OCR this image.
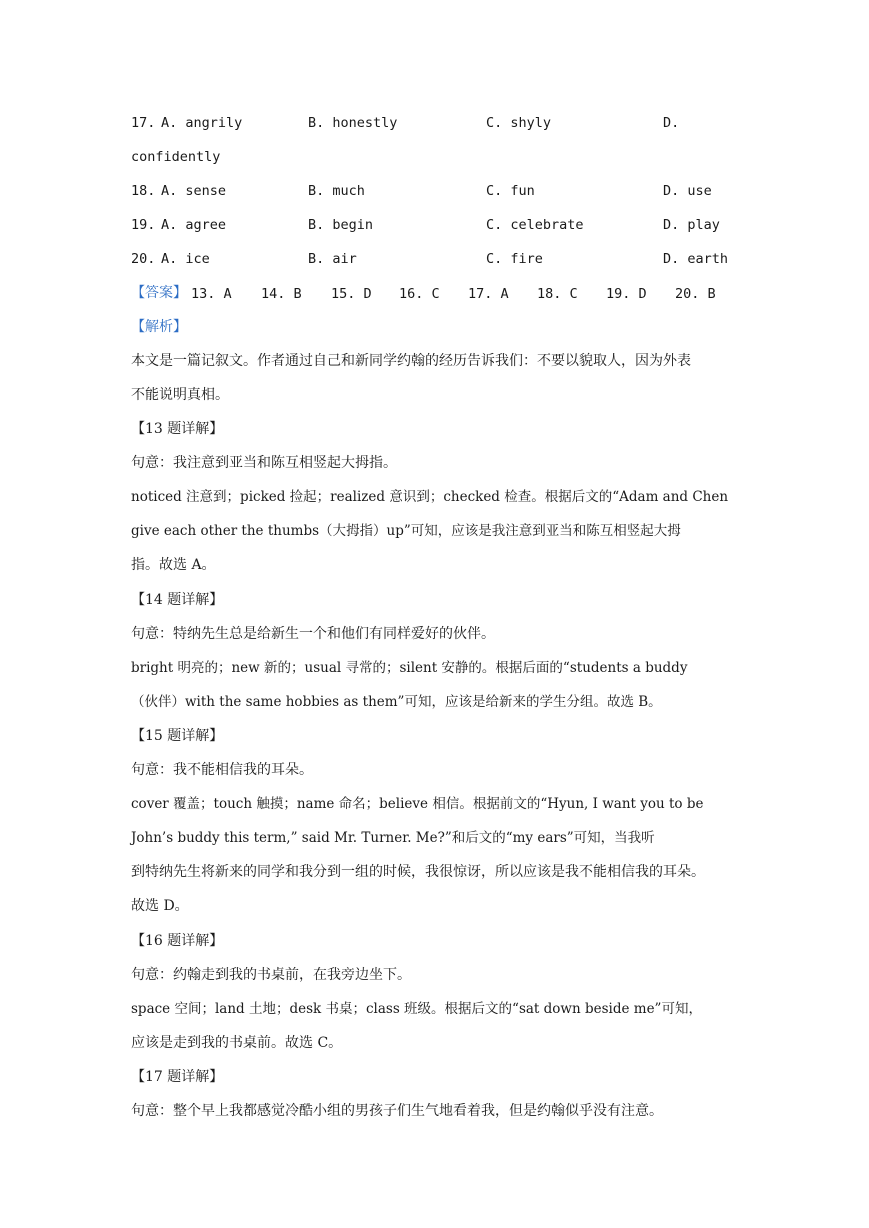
17. A. angrily	B. honestly	C. shyly	D.
confidently
18. A. sense	B. much	C. fun	D. use
19. A. agree	B. begin	C. celebrate	D. play
20. A. ice	B. air	C. fire	D. earth
【答案】 13. A 14. B 15. D 16. C 17. A 18. C 19. D 20. B
【解析】
本文是一篇记叙文。作者通过自己和新同学约翰的经历告诉我们：不要以貌取人，因为外表
不能说明真相。
【13 题详解】
句意：我注意到亚当和陈互相竖起大拇指。
noticed 注意到；picked 捡起；realized 意识到；checked 检查。根据后文的“Adam and Chen
give each other the thumbs（大拇指）up”可知，应该是我注意到亚当和陈互相竖起大拇
指。故选 A。
【14 题详解】
句意：特纳先生总是给新生一个和他们有同样爱好的伙伴。
bright 明亮的；new 新的；usual 寻常的；silent 安静的。根据后面的“students a buddy
（伙伴）with the same hobbies as them”可知，应该是给新来的学生分组。故选 B。
【15 题详解】
句意：我不能相信我的耳朵。
cover 覆盖；touch 触摸；name 命名；believe 相信。根据前文的“Hyun, I want you to be
John’s buddy this term,” said Mr. Turner. Me?”和后文的“my ears”可知，当我听
到特纳先生将新来的同学和我分到一组的时候，我很惊讶，所以应该是我不能相信我的耳朵。
故选 D。
【16 题详解】
句意：约翰走到我的书桌前，在我旁边坐下。
space 空间；land 土地；desk 书桌；class 班级。根据后文的“sat down beside me”可知，
应该是走到我的书桌前。故选 C。
【17 题详解】
句意：整个早上我都感觉冷酷小组的男孩子们生气地看着我，但是约翰似乎没有注意。
